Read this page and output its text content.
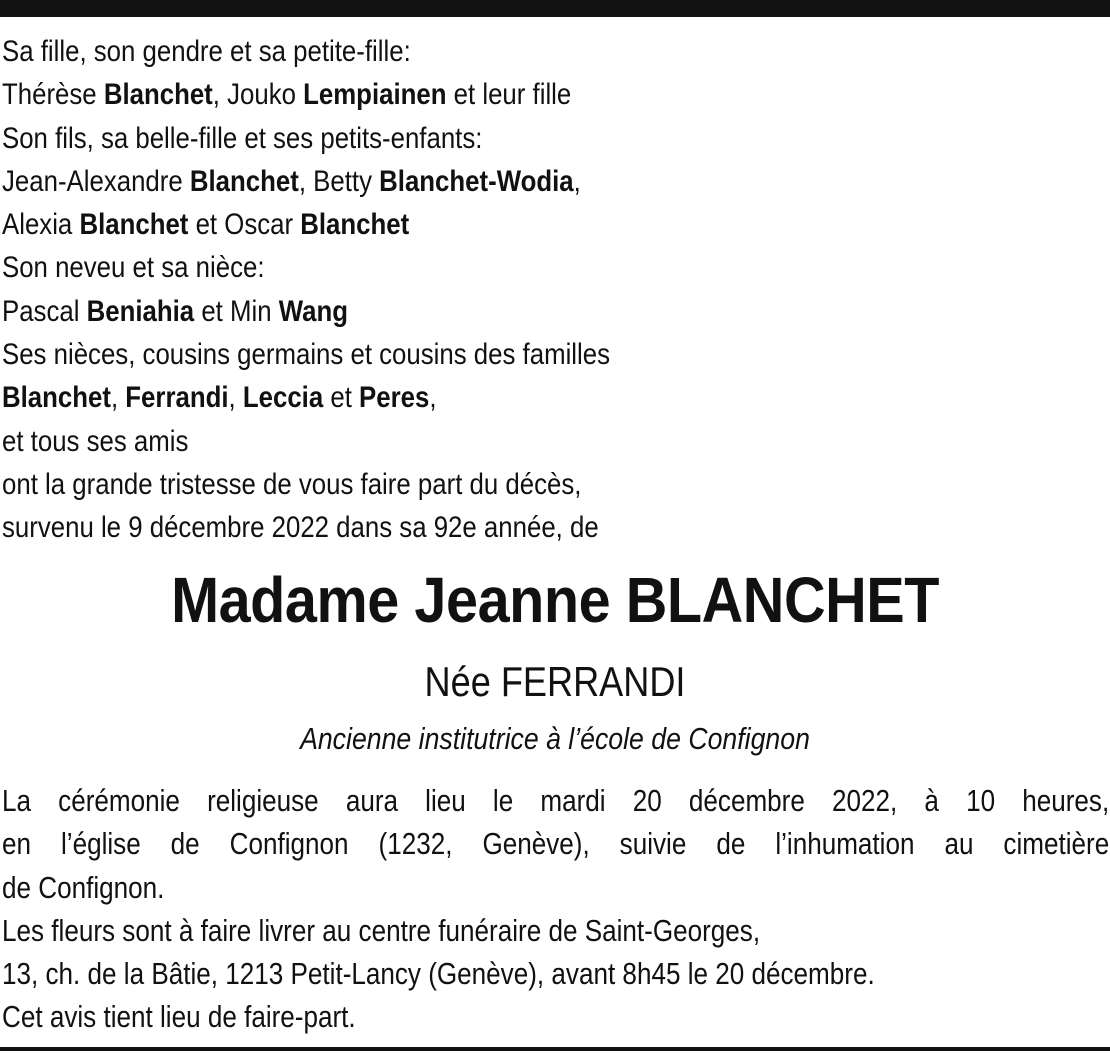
Sa fille, son gendre et sa petite-fille:
Thérèse Blanchet, Jouko Lempiainen et leur fille
Son fils, sa belle-fille et ses petits-enfants:
Jean-Alexandre Blanchet, Betty Blanchet-Wodia,
Alexia Blanchet et Oscar Blanchet
Son neveu et sa nièce:
Pascal Beniahia et Min Wang
Ses nièces, cousins germains et cousins des familles
Blanchet, Ferrandi, Leccia et Peres,
et tous ses amis
ont la grande tristesse de vous faire part du décès,
survenu le 9 décembre 2022 dans sa 92e année, de
Madame Jeanne BLANCHET
Née FERRANDI
Ancienne institutrice à l’école de Confignon
La cérémonie religieuse aura lieu le mardi 20 décembre 2022, à 10 heures,
en l’église de Confignon (1232, Genève), suivie de l’inhumation au cimetière
de Confignon.
Les fleurs sont à faire livrer au centre funéraire de Saint-Georges,
13, ch. de la Bâtie, 1213 Petit-Lancy (Genève), avant 8h45 le 20 décembre.
Cet avis tient lieu de faire-part.
